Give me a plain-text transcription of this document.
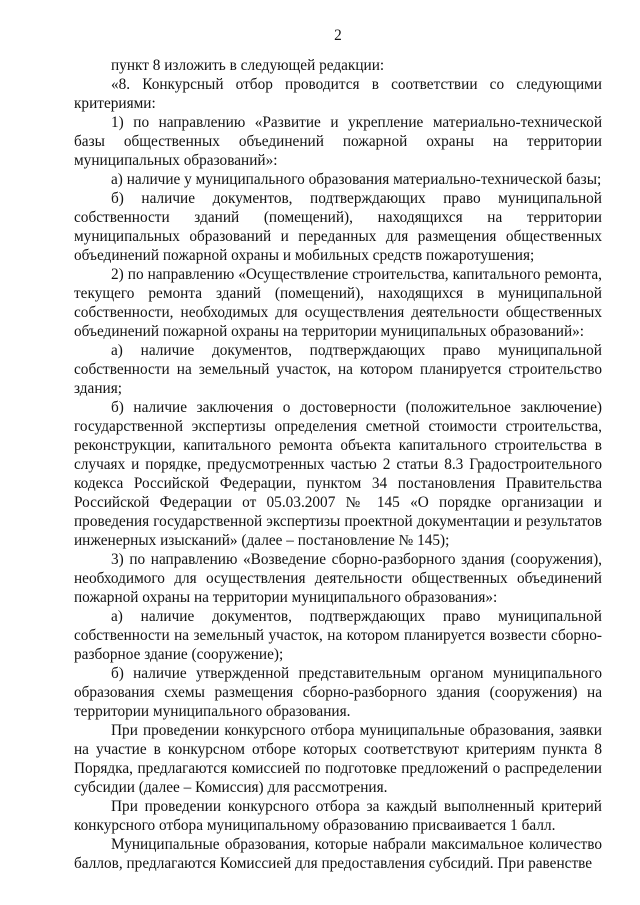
2

пункт 8 изложить в следующей редакции:

«8. Конкурсный отбор проводится в соответствии со следующими критериями:

1) по направлению «Развитие и укрепление материально-технической базы общественных объединений пожарной охраны на территории муниципальных образований»:

а) наличие у муниципального образования материально-технической базы;

б) наличие документов, подтверждающих право муниципальной собственности зданий (помещений), находящихся на территории муниципальных образований и переданных для размещения общественных объединений пожарной охраны и мобильных средств пожаротушения;

2) по направлению «Осуществление строительства, капитального ремонта, текущего ремонта зданий (помещений), находящихся в муниципальной собственности, необходимых для осуществления деятельности общественных объединений пожарной охраны на территории муниципальных образований»:

а) наличие документов, подтверждающих право муниципальной собственности на земельный участок, на котором планируется строительство здания;

б) наличие заключения о достоверности (положительное заключение) государственной экспертизы определения сметной стоимости строительства, реконструкции, капитального ремонта объекта капитального строительства в случаях и порядке, предусмотренных частью 2 статьи 8.3 Градостроительного кодекса Российской Федерации, пунктом 34 постановления Правительства Российской Федерации от 05.03.2007 № 145 «О порядке организации и проведения государственной экспертизы проектной документации и результатов инженерных изысканий» (далее – постановление № 145);

3) по направлению «Возведение сборно-разборного здания (сооружения), необходимого для осуществления деятельности общественных объединений пожарной охраны на территории муниципального образования»:

а) наличие документов, подтверждающих право муниципальной собственности на земельный участок, на котором планируется возвести сборно-разборное здание (сооружение);

б) наличие утвержденной представительным органом муниципального образования схемы размещения сборно-разборного здания (сооружения) на территории муниципального образования.

При проведении конкурсного отбора муниципальные образования, заявки на участие в конкурсном отборе которых соответствуют критериям пункта 8 Порядка, предлагаются комиссией по подготовке предложений о распределении субсидии (далее – Комиссия) для рассмотрения.

При проведении конкурсного отбора за каждый выполненный критерий конкурсного отбора муниципальному образованию присваивается 1 балл.

Муниципальные образования, которые набрали максимальное количество баллов, предлагаются Комиссией для предоставления субсидий. При равенстве
